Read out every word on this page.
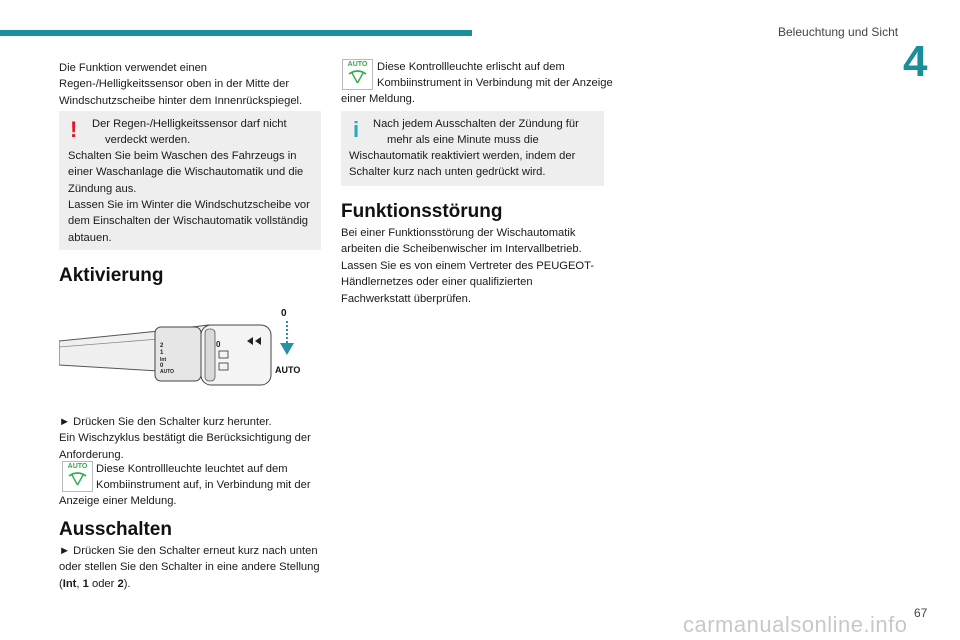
Beleuchtung und Sicht
4

Die Funktion verwendet einen Regen-/Helligkeitssensor oben in der Mitte der Windschutzscheibe hinter dem Innenrückspiegel.

! Der Regen-/Helligkeitssensor darf nicht
verdeckt werden.
Schalten Sie beim Waschen des Fahrzeugs in einer Waschanlage die Wischautomatik und die Zündung aus.
Lassen Sie im Winter die Windschutzscheibe vor dem Einschalten der Wischautomatik vollständig abtauen.
Aktivierung
2
1
Int
0
AUTO
0
0
AUTO

► Drücken Sie den Schalter kurz herunter.

Ein Wischzyklus bestätigt die Berücksichtigung der Anforderung.

AUTO Diese Kontrollleuchte leuchtet auf dem
Kombiinstrument auf, in Verbindung mit der
Anzeige einer Meldung.
Ausschalten

► Drücken Sie den Schalter erneut kurz nach unten oder stellen Sie den Schalter in eine andere Stellung (Int, 1 oder 2).

AUTO Diese Kontrollleuchte erlischt auf dem
Kombiinstrument in Verbindung mit der Anzeige
einer Meldung.
i Nach jedem Ausschalten der Zündung für
mehr als eine Minute muss die
Wischautomatik reaktiviert werden, indem der Schalter kurz nach unten gedrückt wird.
Funktionsstörung

Bei einer Funktionsstörung der Wischautomatik arbeiten die Scheibenwischer im Intervallbetrieb. Lassen Sie es von einem Vertreter des PEUGEOT-Händlernetzes oder einer qualifizierten Fachwerkstatt überprüfen.

carmanualsonline.info 67
